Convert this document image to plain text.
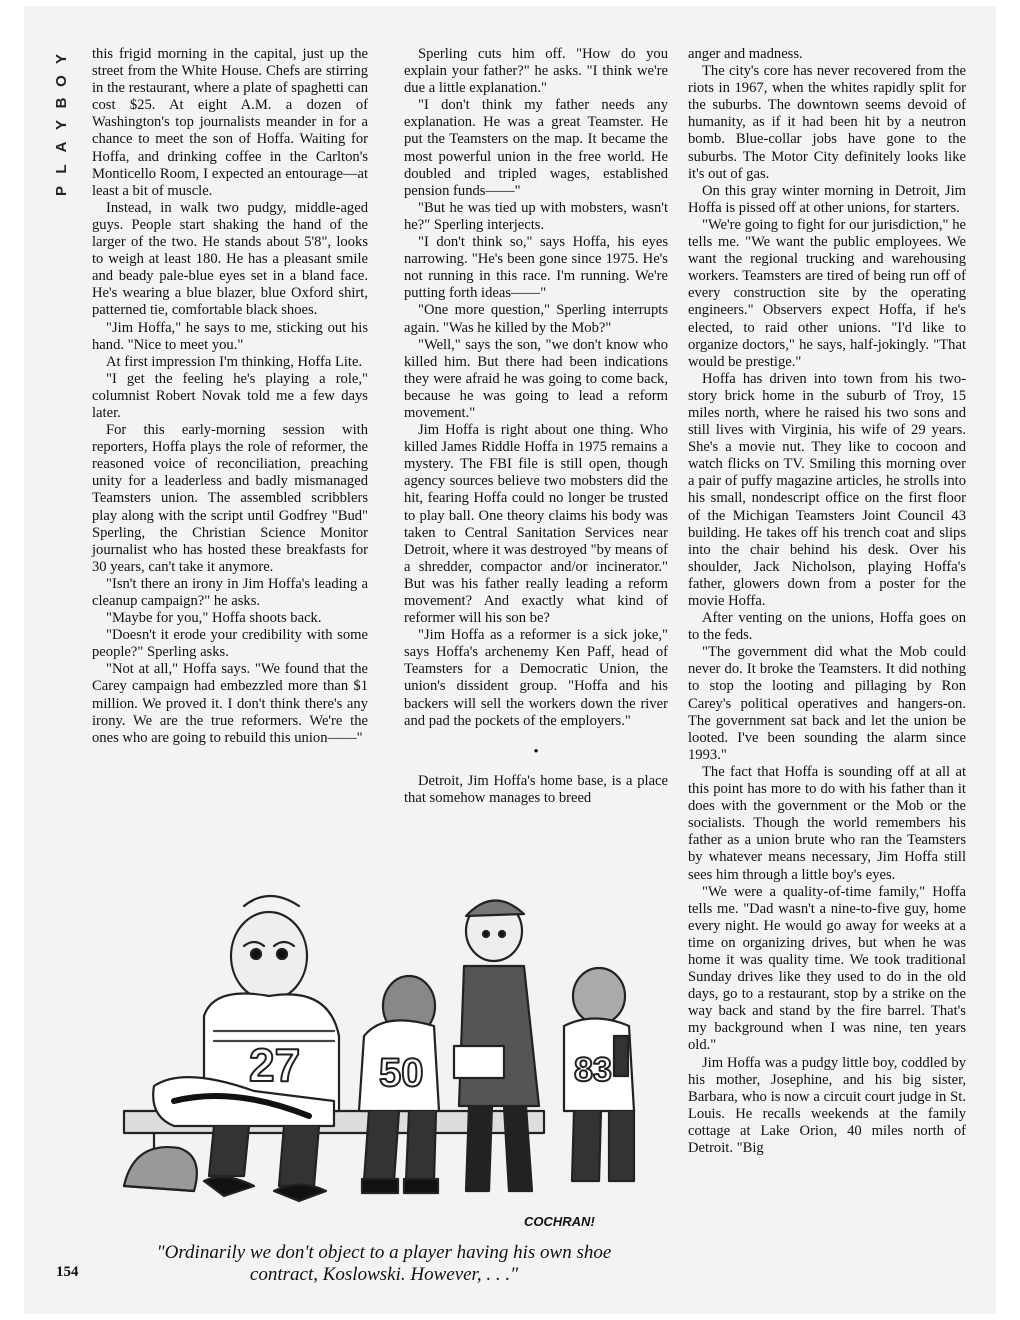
Y
O
B
Y
A
L
P

this frigid morning in the capital, just up the street from the White House. Chefs are stirring in the restaurant, where a plate of spaghetti can cost $25. At eight A.M. a dozen of Washington's top journalists meander in for a chance to meet the son of Hoffa. Waiting for Hoffa, and drinking coffee in the Carlton's Monticello Room, I expected an entourage—at least a bit of muscle.

Instead, in walk two pudgy, middle-aged guys. People start shaking the hand of the larger of the two. He stands about 5'8", looks to weigh at least 180. He has a pleasant smile and beady pale-blue eyes set in a bland face. He's wearing a blue blazer, blue Oxford shirt, patterned tie, comfortable black shoes.

"Jim Hoffa," he says to me, sticking out his hand. "Nice to meet you."

At first impression I'm thinking, Hoffa Lite.

"I get the feeling he's playing a role," columnist Robert Novak told me a few days later.

For this early-morning session with reporters, Hoffa plays the role of reformer, the reasoned voice of reconciliation, preaching unity for a leaderless and badly mismanaged Teamsters union. The assembled scribblers play along with the script until Godfrey "Bud" Sperling, the Christian Science Monitor journalist who has hosted these breakfasts for 30 years, can't take it anymore.

"Isn't there an irony in Jim Hoffa's leading a cleanup campaign?" he asks.

"Maybe for you," Hoffa shoots back.

"Doesn't it erode your credibility with some people?" Sperling asks.

"Not at all," Hoffa says. "We found that the Carey campaign had embezzled more than $1 million. We proved it. I don't think there's any irony. We are the true reformers. We're the ones who are going to rebuild this union——"

Sperling cuts him off. "How do you explain your father?" he asks. "I think we're due a little explanation."

"I don't think my father needs any explanation. He was a great Teamster. He put the Teamsters on the map. It became the most powerful union in the free world. He doubled and tripled wages, established pension funds——"

"But he was tied up with mobsters, wasn't he?" Sperling interjects.

"I don't think so," says Hoffa, his eyes narrowing. "He's been gone since 1975. He's not running in this race. I'm running. We're putting forth ideas——"

"One more question," Sperling interrupts again. "Was he killed by the Mob?"

"Well," says the son, "we don't know who killed him. But there had been indications they were afraid he was going to come back, because he was going to lead a reform movement."

Jim Hoffa is right about one thing. Who killed James Riddle Hoffa in 1975 remains a mystery. The FBI file is still open, though agency sources believe two mobsters did the hit, fearing Hoffa could no longer be trusted to play ball. One theory claims his body was taken to Central Sanitation Services near Detroit, where it was destroyed "by means of a shredder, compactor and/or incinerator." But was his father really leading a reform movement? And exactly what kind of reformer will his son be?

"Jim Hoffa as a reformer is a sick joke," says Hoffa's archenemy Ken Paff, head of Teamsters for a Democratic Union, the union's dissident group. "Hoffa and his backers will sell the workers down the river and pad the pockets of the employers."

•

Detroit, Jim Hoffa's home base, is a place that somehow manages to breed

anger and madness.

The city's core has never recovered from the riots in 1967, when the whites rapidly split for the suburbs. The downtown seems devoid of humanity, as if it had been hit by a neutron bomb. Blue-collar jobs have gone to the suburbs. The Motor City definitely looks like it's out of gas.

On this gray winter morning in Detroit, Jim Hoffa is pissed off at other unions, for starters.

"We're going to fight for our jurisdiction," he tells me. "We want the public employees. We want the regional trucking and warehousing workers. Teamsters are tired of being run off of every construction site by the operating engineers." Observers expect Hoffa, if he's elected, to raid other unions. "I'd like to organize doctors," he says, half-jokingly. "That would be prestige."

Hoffa has driven into town from his two-story brick home in the suburb of Troy, 15 miles north, where he raised his two sons and still lives with Virginia, his wife of 29 years. She's a movie nut. They like to cocoon and watch flicks on TV. Smiling this morning over a pair of puffy magazine articles, he strolls into his small, nondescript office on the first floor of the Michigan Teamsters Joint Council 43 building. He takes off his trench coat and slips into the chair behind his desk. Over his shoulder, Jack Nicholson, playing Hoffa's father, glowers down from a poster for the movie Hoffa.

After venting on the unions, Hoffa goes on to the feds.

"The government did what the Mob could never do. It broke the Teamsters. It did nothing to stop the looting and pillaging by Ron Carey's political operatives and hangers-on. The government sat back and let the union be looted. I've been sounding the alarm since 1993."

The fact that Hoffa is sounding off at all at this point has more to do with his father than it does with the government or the Mob or the socialists. Though the world remembers his father as a union brute who ran the Teamsters by whatever means necessary, Jim Hoffa still sees him through a little boy's eyes.

"We were a quality-of-time family," Hoffa tells me. "Dad wasn't a nine-to-five guy, home every night. He would go away for weeks at a time on organizing drives, but when he was home it was quality time. We took traditional Sunday drives like they used to do in the old days, go to a restaurant, stop by a strike on the way back and stand by the fire barrel. That's my background when I was nine, ten years old."

Jim Hoffa was a pudgy little boy, coddled by his mother, Josephine, and his big sister, Barbara, who is now a circuit court judge in St. Louis. He recalls weekends at the family cottage at Lake Orion, 40 miles north of Detroit. "Big

27 50	83
COCHRAN!
"Ordinarily we don't object to a player having his own shoe contract, Koslowski. However, . . ."
154
